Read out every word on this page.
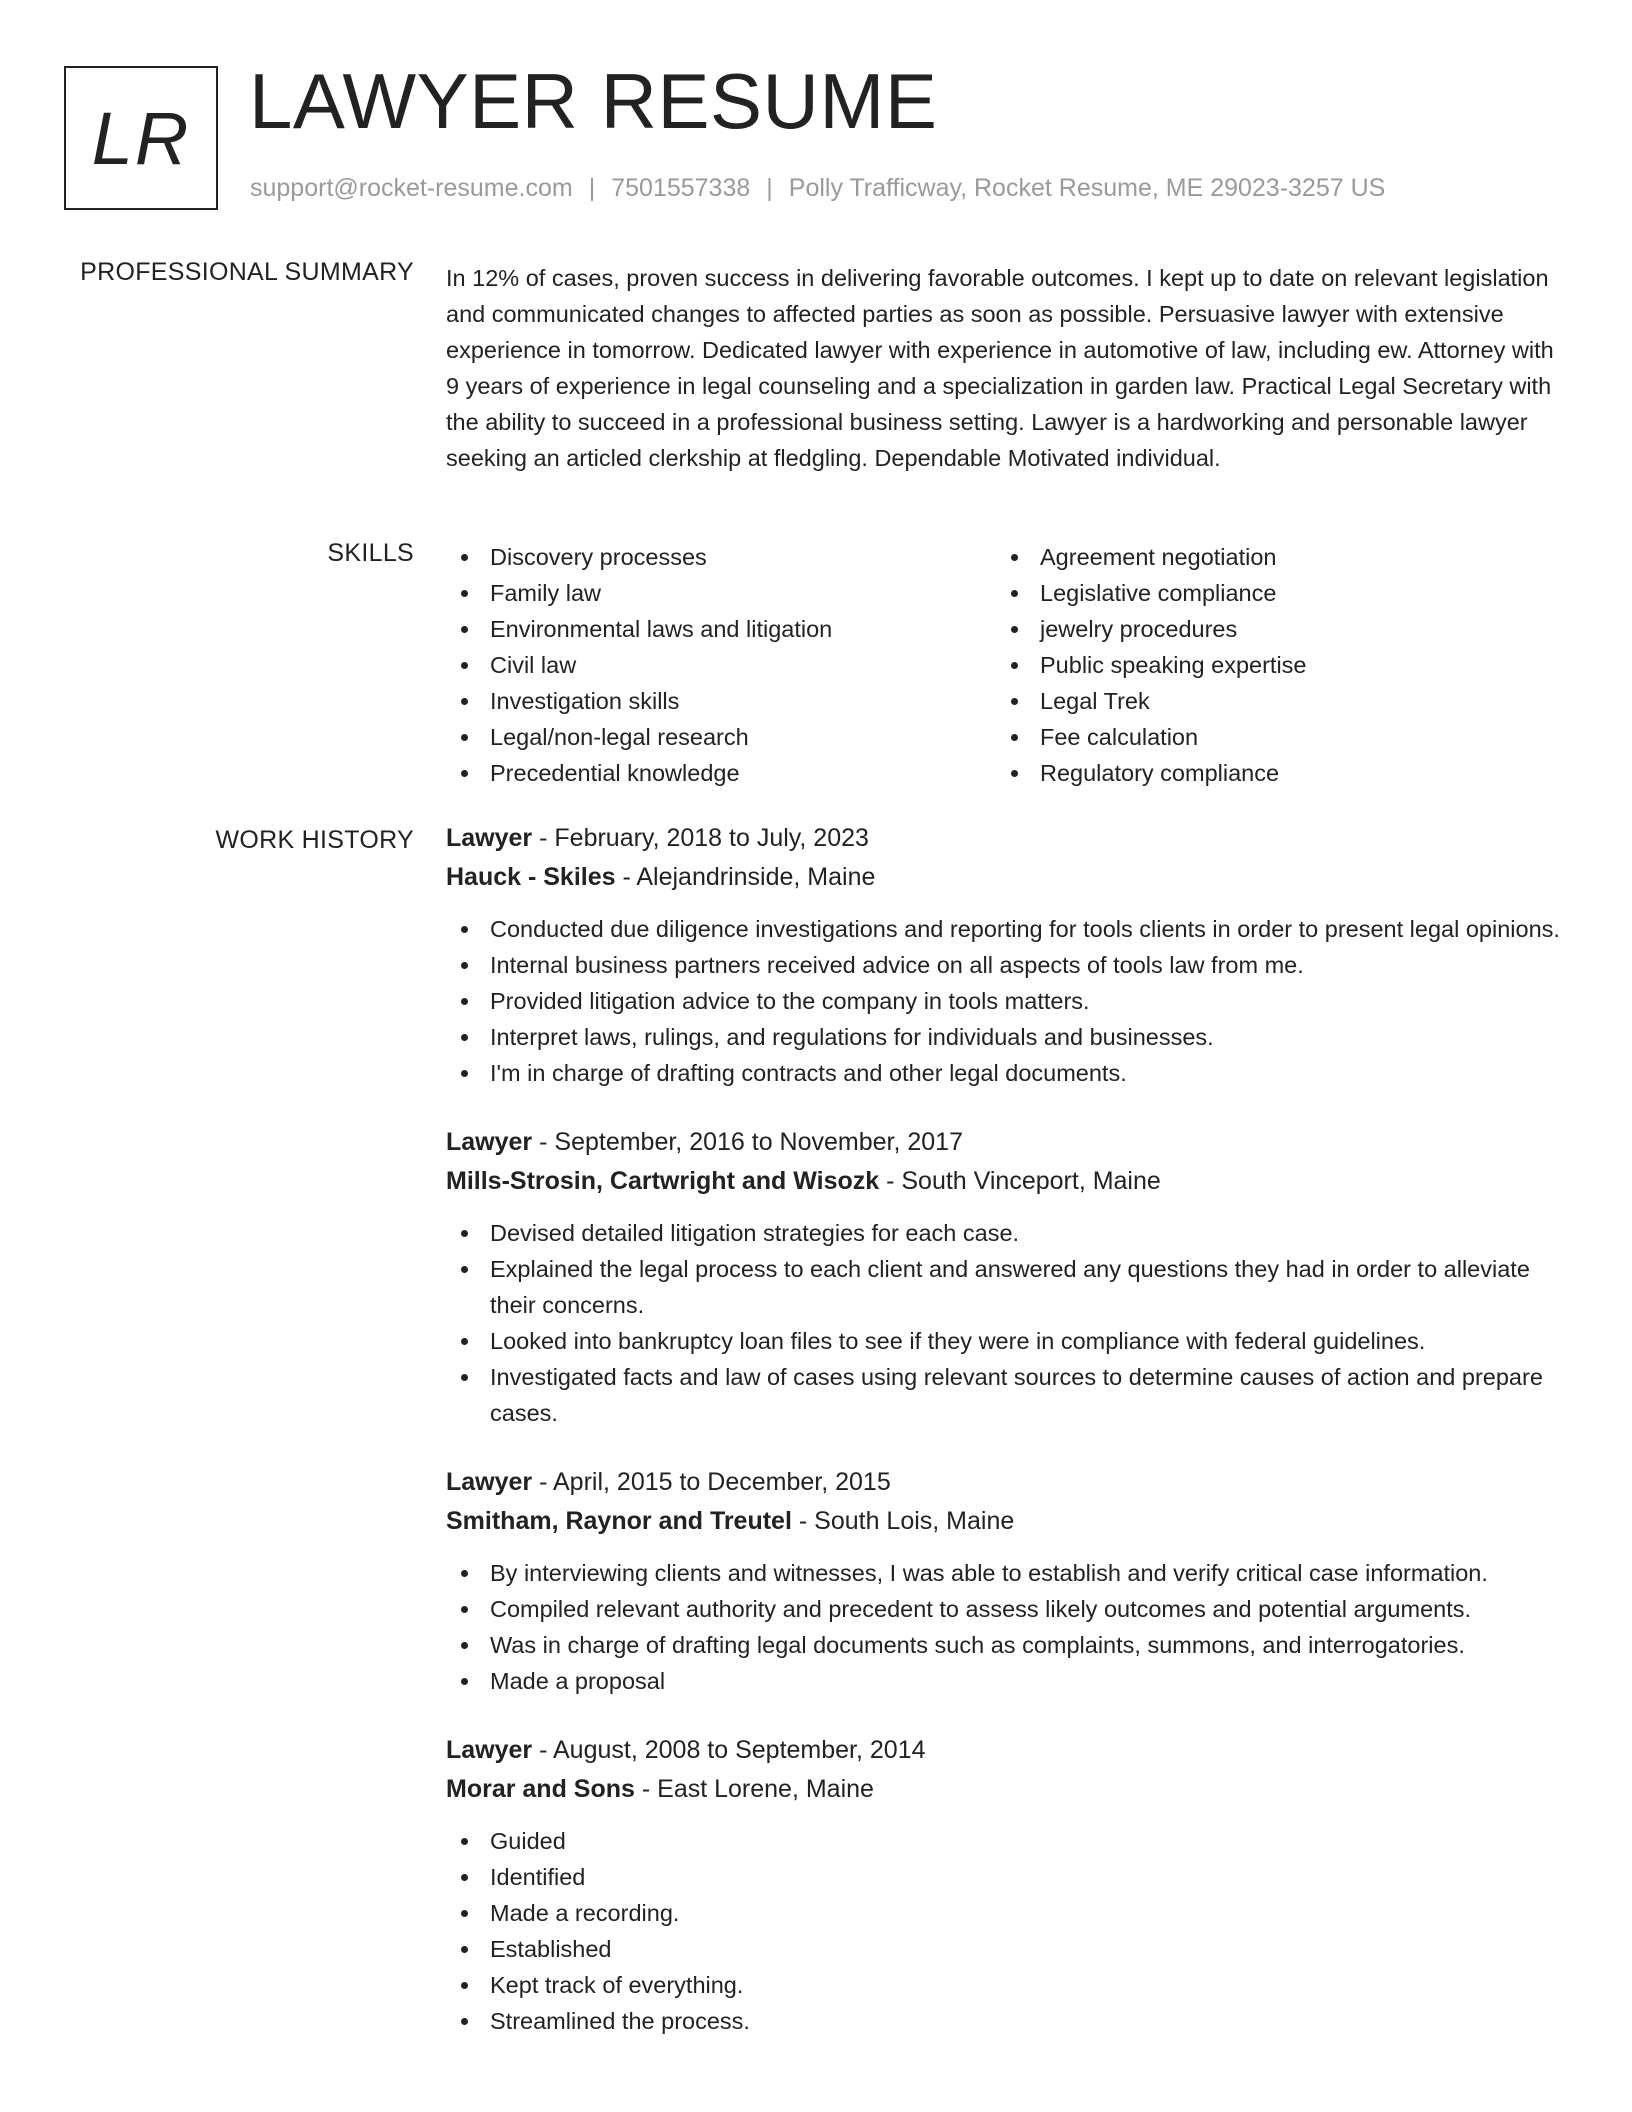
LR LAWYER RESUME
support@rocket-resume.com | 7501557338 | Polly Trafficway, Rocket Resume, ME 29023-3257 US
PROFESSIONAL SUMMARY In 12% of cases, proven success in delivering favorable outcomes. I kept up to date on relevant legislation and communicated changes to affected parties as soon as possible. Persuasive lawyer with extensive experience in tomorrow. Dedicated lawyer with experience in automotive of law, including ew. Attorney with 9 years of experience in legal counseling and a specialization in garden law. Practical Legal Secretary with the ability to succeed in a professional business setting. Lawyer is a hardworking and personable lawyer seeking an articled clerkship at fledgling. Dependable Motivated individual.

SKILLS	Discovery processes
Family law
Environmental laws and litigation
Civil law
Investigation skills
Legal/non-legal research
Precedential knowledge
Agreement negotiation
Legislative compliance
jewelry procedures
Public speaking expertise
Legal Trek
Fee calculation
Regulatory compliance
WORK HISTORY Lawyer - February, 2018 to July, 2023
Hauck - Skiles - Alejandrinside, Maine
Conducted due diligence investigations and reporting for tools clients in order to present legal opinions.
Internal business partners received advice on all aspects of tools law from me.
Provided litigation advice to the company in tools matters.
Interpret laws, rulings, and regulations for individuals and businesses.
I'm in charge of drafting contracts and other legal documents.
Lawyer - September, 2016 to November, 2017
Mills-Strosin, Cartwright and Wisozk - South Vinceport, Maine
Devised detailed litigation strategies for each case.
Explained the legal process to each client and answered any questions they had in order to alleviate their concerns.
Looked into bankruptcy loan files to see if they were in compliance with federal guidelines.
Investigated facts and law of cases using relevant sources to determine causes of action and prepare cases.
Lawyer - April, 2015 to December, 2015
Smitham, Raynor and Treutel - South Lois, Maine
By interviewing clients and witnesses, I was able to establish and verify critical case information.
Compiled relevant authority and precedent to assess likely outcomes and potential arguments.
Was in charge of drafting legal documents such as complaints, summons, and interrogatories.
Made a proposal
Lawyer - August, 2008 to September, 2014
Morar and Sons - East Lorene, Maine
Guided
Identified
Made a recording.
Established
Kept track of everything.
Streamlined the process.
